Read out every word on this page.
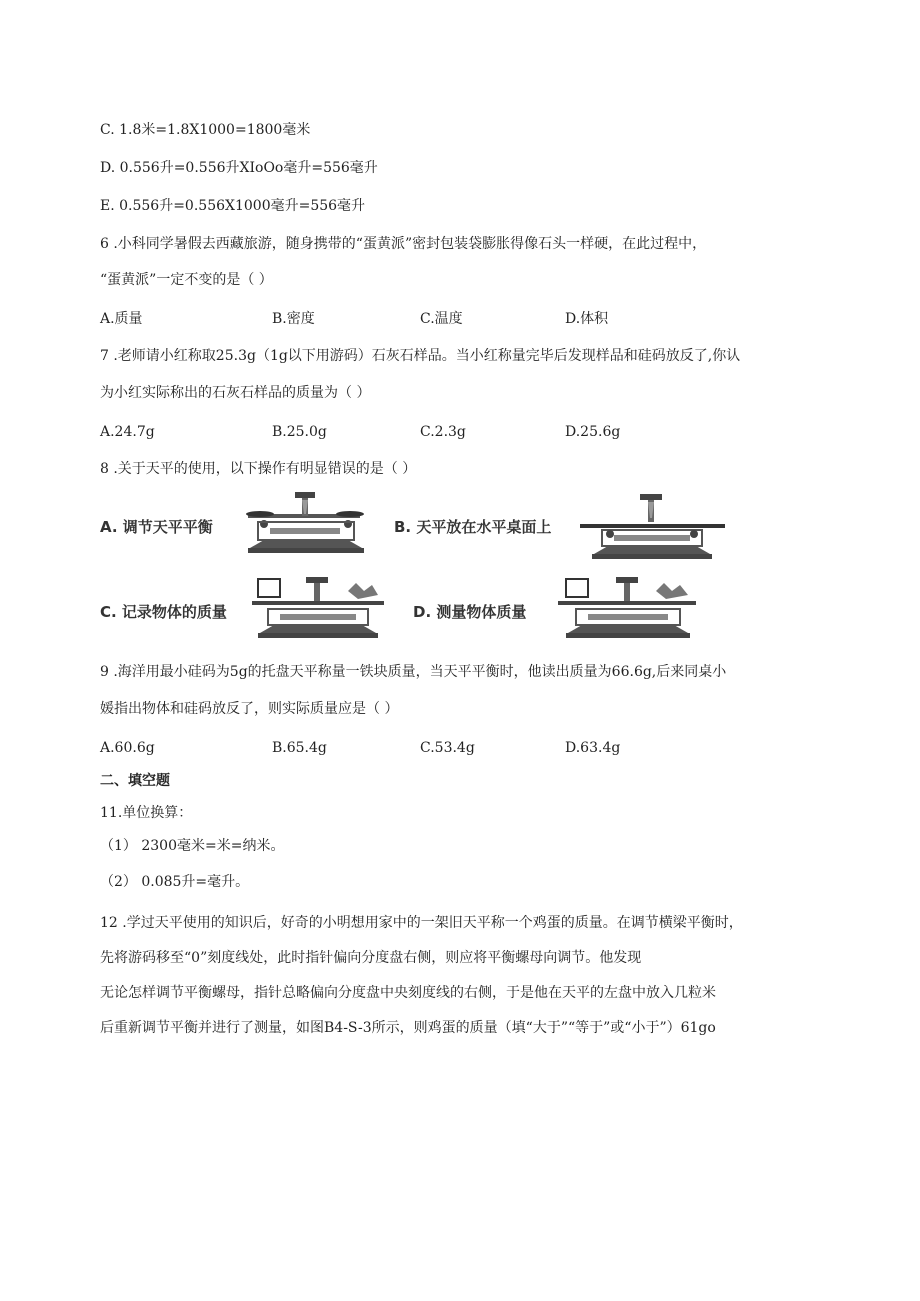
C. 1.8米=1.8X1000=1800毫米
D. 0.556升=0.556升XIoOo毫升=556毫升
E. 0.556升=0.556X1000毫升=556毫升
6 .小科同学暑假去西藏旅游，随身携带的“蛋黄派”密封包装袋膨胀得像石头一样硬，在此过程中，
“蛋黄派”一定不变的是（ ）
A.质量	B.密度	C.温度	D.体积
7 .老师请小红称取25.3g（1g以下用游码）石灰石样品。当小红称量完毕后发现样品和硅码放反了,你认
为小红实际称出的石灰石样品的质量为（ ）
A.24.7g	B.25.0g	C.2.3g	D.25.6g
8 .关于天平的使用，以下操作有明显错误的是（ ）
A. 调节天平平衡	B. 天平放在水平桌面上
C. 记录物体的质量	D. 测量物体质量
9 .海洋用最小硅码为5g的托盘天平称量一铁块质量，当天平平衡时，他读出质量为66.6g,后来同桌小
媛指出物体和硅码放反了，则实际质量应是（ ）
A.60.6g	B.65.4g	C.53.4g	D.63.4g
二、填空题
11.单位换算：
（1） 2300毫米=米=纳米。
（2） 0.085升=毫升。
12 .学过天平使用的知识后，好奇的小明想用家中的一架旧天平称一个鸡蛋的质量。在调节横梁平衡时，
先将游码移至“0”刻度线处，此时指针偏向分度盘右侧，则应将平衡螺母向调节。他发现
无论怎样调节平衡螺母，指针总略偏向分度盘中央刻度线的右侧，于是他在天平的左盘中放入几粒米
后重新调节平衡并进行了测量，如图B4-S-3所示，则鸡蛋的质量（填“大于”“等于”或“小于”）61go
